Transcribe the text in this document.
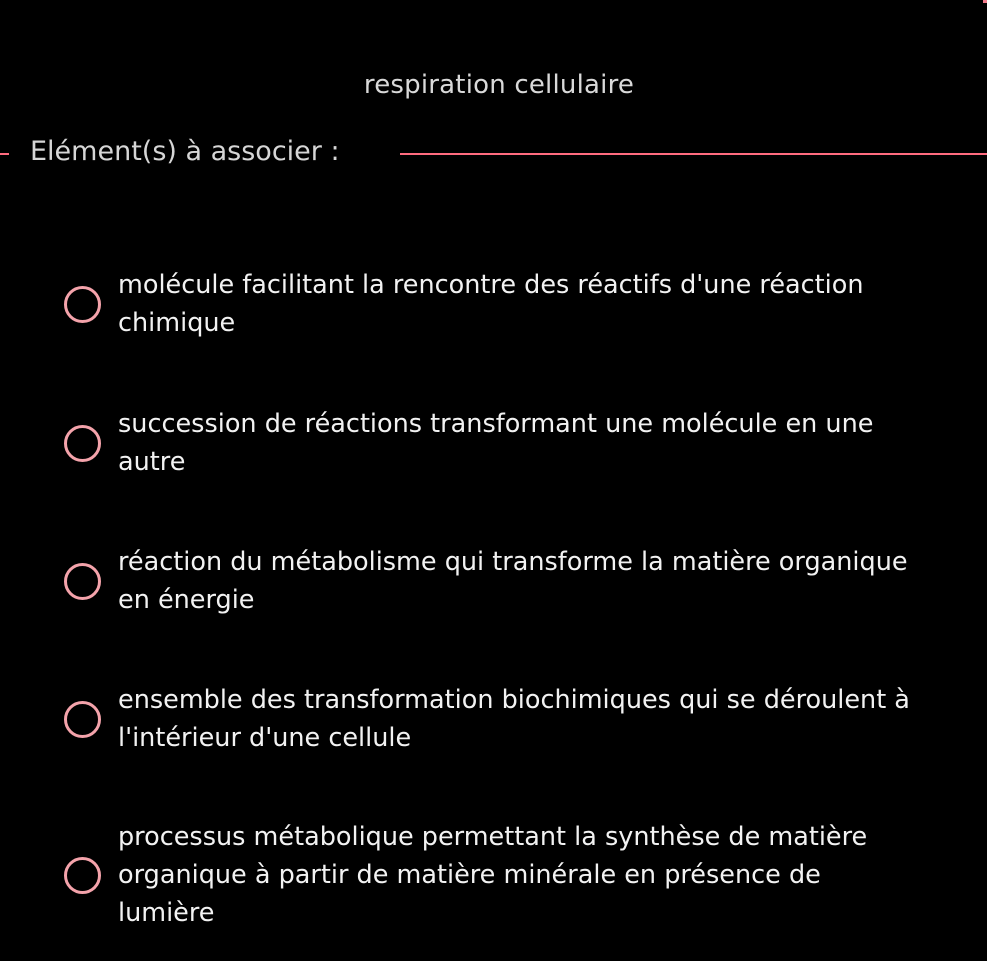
respiration cellulaire
Elément(s) à associer :
molécule facilitant la rencontre des réactifs d'une réaction chimique
succession de réactions transformant une molécule en une autre
réaction du métabolisme qui transforme la matière organique en énergie
ensemble des transformation biochimiques qui se déroulent à l'intérieur d'une cellule
processus métabolique permettant la synthèse de matière organique à partir de matière minérale en présence de lumière
